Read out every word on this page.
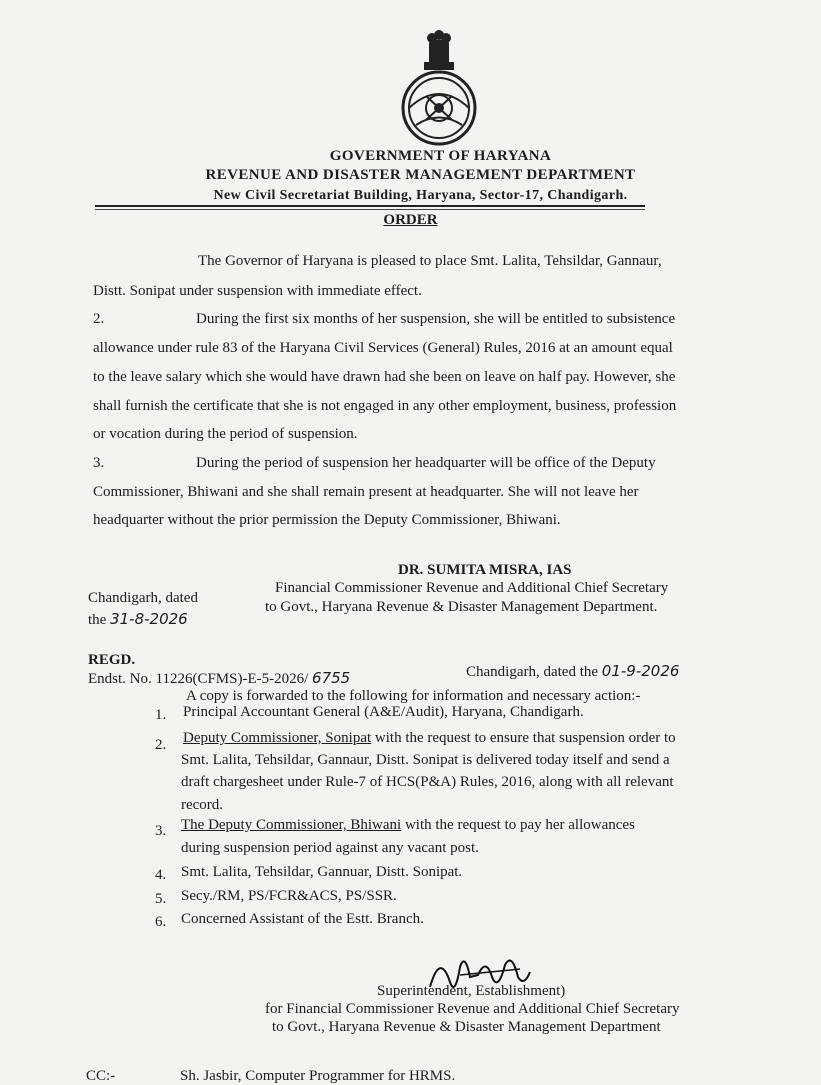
GOVERNMENT OF HARYANA
REVENUE AND DISASTER MANAGEMENT DEPARTMENT
New Civil Secretariat Building, Haryana, Sector-17, Chandigarh.
ORDER
The Governor of Haryana is pleased to place Smt. Lalita, Tehsildar, Gannaur,
Distt. Sonipat under suspension with immediate effect.
2.	During the first six months of her suspension, she will be entitled to subsistence
allowance under rule 83 of the Haryana Civil Services (General) Rules, 2016 at an amount equal
to the leave salary which she would have drawn had she been on leave on half pay. However, she
shall furnish the certificate that she is not engaged in any other employment, business, profession
or vocation during the period of suspension.
3.	During the period of suspension her headquarter will be office of the Deputy
Commissioner, Bhiwani and she shall remain present at headquarter. She will not leave her
headquarter without the prior permission the Deputy Commissioner, Bhiwani.
DR. SUMITA MISRA, IAS
Financial Commissioner Revenue and Additional Chief Secretary
to Govt., Haryana Revenue & Disaster Management Department.
Chandigarh, dated
the 31-8-2026
REGD.
Endst. No. 11226(CFMS)-E-5-2026/ 6755	Chandigarh, dated the 01-9-2026
A copy is forwarded to the following for information and necessary action:-
1. Principal Accountant General (A&E/Audit), Haryana, Chandigarh.
2. Deputy Commissioner, Sonipat with the request to ensure that suspension order to
Smt. Lalita, Tehsildar, Gannaur, Distt. Sonipat is delivered today itself and send a
draft chargesheet under Rule-7 of HCS(P&A) Rules, 2016, along with all relevant
record.
3. The Deputy Commissioner, Bhiwani with the request to pay her allowances
during suspension period against any vacant post.
4. Smt. Lalita, Tehsildar, Gannuar, Distt. Sonipat.
5. Secy./RM, PS/FCR&ACS, PS/SSR.
6. Concerned Assistant of the Estt. Branch.
Superintendent, Establishment)
for Financial Commissioner Revenue and Additional Chief Secretary
to Govt., Haryana Revenue & Disaster Management Department
CC:-	Sh. Jasbir, Computer Programmer for HRMS.
